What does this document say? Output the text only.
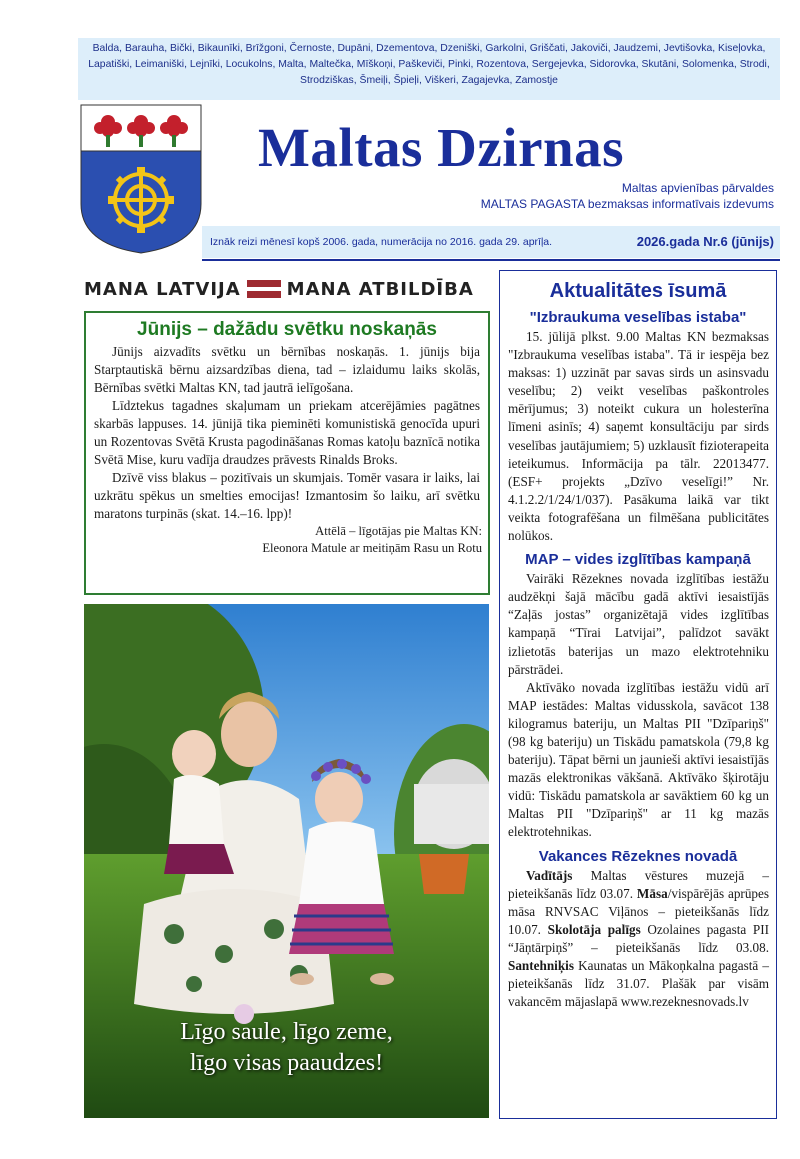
Balda, Barauha, Bički, Bikaunīki, Brīžgoni, Černoste, Dupāni, Dzementova, Dzeniški, Garkolni, Griščati, Jakoviči, Jaudzemi, Jevtišovka, Kiseļovka, Lapatiški, Leimaniški, Lejnīki, Locukolns, Malta, Maltečka, Mīškoņi, Paškeviči, Pinki, Rozentova, Sergejevka, Sidorovka, Skutāni, Solomenka, Strodi, Strodziškas, Šmeiļi, Špieļi, Viškeri, Zagajevka, Zamostje
Maltas Dzirnas
Maltas apvienības pārvaldes
MALTAS PAGASTA bezmaksas informatīvais izdevums
Iznāk reizi mēnesī kopš 2006. gada, numerācija no 2016. gada 29. aprīļa.	2026.gada Nr.6 (jūnijs)
MANA LATVIJA	MANA ATBILDĪBA
Jūnijs – dažādu svētku noskaņās

Jūnijs aizvadīts svētku un bērnības noskaņās. 1. jūnijs bija Starptautiskā bērnu aizsardzības diena, tad – izlaidumu laiks skolās, Bērnības svētki Maltas KN, tad jautrā ielīgošana.

Līdztekus tagadnes skaļumam un priekam atcerējāmies pagātnes skarbās lappuses. 14. jūnijā tika pieminēti komunistiskā genocīda upuri un Rozentovas Svētā Krusta pagodināšanas Romas katoļu baznīcā notika Svētā Mise, kuru vadīja draudzes prāvests Rinalds Broks.

Dzīvē viss blakus – pozitīvais un skumjais. Tomēr vasara ir laiks, lai uzkrātu spēkus un smelties emocijas! Izmantosim šo laiku, arī svētku maratons turpinās (skat. 14.–16. lpp)!

Attēlā – līgotājas pie Maltas KN:

Eleonora Matule ar meitiņām Rasu un Rotu

Līgo saule, līgo zeme,
līgo visas paaudzes!
Aktualitātes īsumā
"Izbraukuma veselības istaba"

15. jūlijā plkst. 9.00 Maltas KN bezmaksas "Izbraukuma veselības istaba". Tā ir iespēja bez maksas: 1) uzzināt par savas sirds un asinsvadu veselību; 2) veikt veselības paškontroles mērījumus; 3) noteikt cukura un holesterīna līmeni asinīs; 4) saņemt konsultāciju par sirds veselības jautājumiem; 5) uzklausīt fizioterapeita ieteikumus. Informācija pa tālr. 22013477. (ESF+ projekts „Dzīvo veselīgi!” Nr. 4.1.2.2/1/24/1/037). Pasākuma laikā var tikt veikta fotografēšana un filmēšana publicitātes nolūkos.

MAP – vides izglītības kampaņā

Vairāki Rēzeknes novada izglītības iestāžu audzēkņi šajā mācību gadā aktīvi iesaistījās “Zaļās jostas” organizētajā vides izglītības kampaņā “Tīrai Latvijai”, palīdzot savākt izlietotās baterijas un mazo elektrotehniku pārstrādei.

Aktīvāko novada izglītības iestāžu vidū arī MAP iestādes: Maltas vidusskola, savācot 138 kilogramus bateriju, un Maltas PII "Dzīpariņš" (98 kg bateriju) un Tiskādu pamatskola (79,8 kg bateriju). Tāpat bērni un jaunieši aktīvi iesaistījās mazās elektronikas vākšanā. Aktīvāko šķirotāju vidū: Tiskādu pamatskola ar savāktiem 60 kg un Maltas PII "Dzīpariņš" ar 11 kg mazās elektrotehnikas.

Vakances Rēzeknes novadā

Vadītājs Maltas vēstures muzejā – pieteikšanās līdz 03.07. Māsa/vispārējās aprūpes māsa RNVSAC Viļānos – pieteikšanās līdz 10.07. Skolotāja palīgs Ozolaines pagasta PII “Jāņtārpiņš” – pieteikšanās līdz 03.08. Santehniķis Kaunatas un Mākoņkalna pagastā – pieteikšanās līdz 31.07. Plašāk par visām vakancēm mājaslapā www.rezeknesnovads.lv
